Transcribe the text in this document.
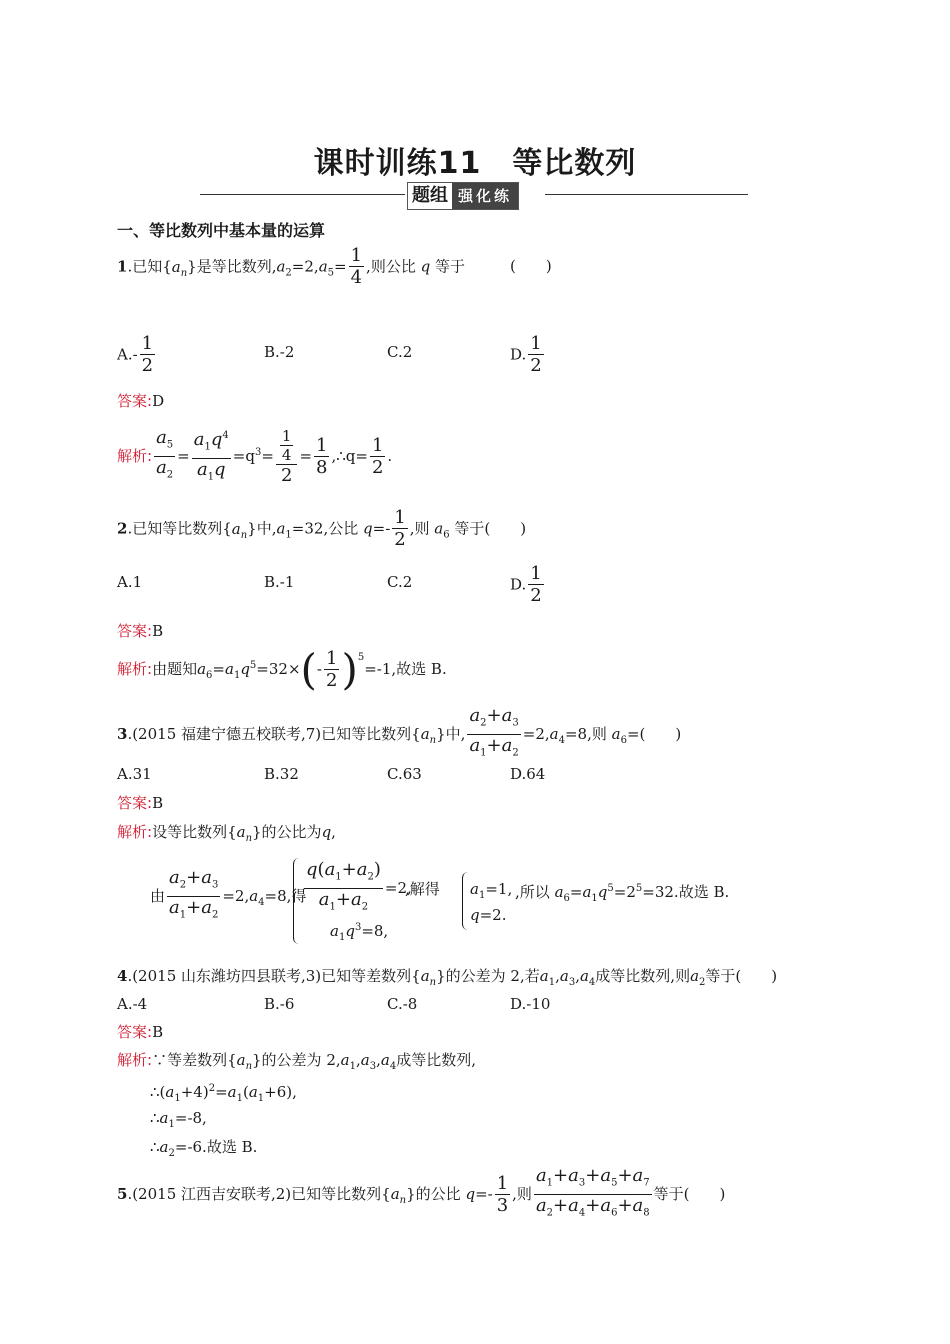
课时训练11　等比数列
题组 强化练
一、等比数列中基本量的运算
1.已知$\{a_n\}$是等比数列$,a_2=2,a_5= \frac{1}{4}$ ,则公比 q 等于	(　　)
$A.- \frac{1}{2}$	B.-2	C.2	D. $\frac{1}{2}$
答案:D
解析: $\frac{a_5}{a_2} = \frac{a_1q^4}{a_1q} =q^3= \frac{\frac{1}{4}}{2} = \frac{1}{8}$ ,∴q= $\frac{1}{2}$ .
2.已知等比数列$\{a_n\}$中$,a_1=32$,公比 $q=- \frac{1}{2}$ ,则 $a_6$ 等于(　　)
A.1	B.-1	C.2	D. $\frac{1}{2}$
答案:B
解析:由题知$a_6=a_1q^5=32\times(- \frac{1}{2} )^5=-1$,故选 B.
3.(2015 福建宁德五校联考,7)已知等比数列$\{a_n\}$中, $\frac{a_2+a_3}{a_1+a_2} =2,a_4=8$,则 $a_6=$(　　)
A.31	B.32	C.63	D.64
答案:B
解析:设等比数列$\{a_n\}$的公比为q,
由 $\frac{a_2+a_3}{a_1+a_2} =2,a_4=8$,得
$\frac{q(a_1+a_2)}{a_1+a_2} =2$,
$a_1q^3=8$,
,解得 $a_1=1$,
q=2.
,所以 $a_6=a_1q^5=2^5=32$.故选 B.
4.(2015 山东潍坊四县联考,3)已知等差数列$\{a_n\}$的公差为 2,若$a_1,a_3,a_4$成等比数列,则$a_2$等于(　　)
A.-4	B.-6	C.-8	D.-10
答案:B
解析:∵等差数列$\{a_n\}$的公差为 $2,a_1,a_3,a_4$成等比数列,
$\therefore(a_1+4)^2=a_1(a_1+6)$,
$\therefore a_1=-8$,
$\therefore a_2=-6$.故选 B.
5.(2015 江西吉安联考,2)已知等比数列$\{a_n\}$的公比 $q=- \frac{1}{3}$ ,则 $\frac{a_1+a_3+a_5+a_7}{a_2+a_4+a_6+a_8}$ 等于(　　)
